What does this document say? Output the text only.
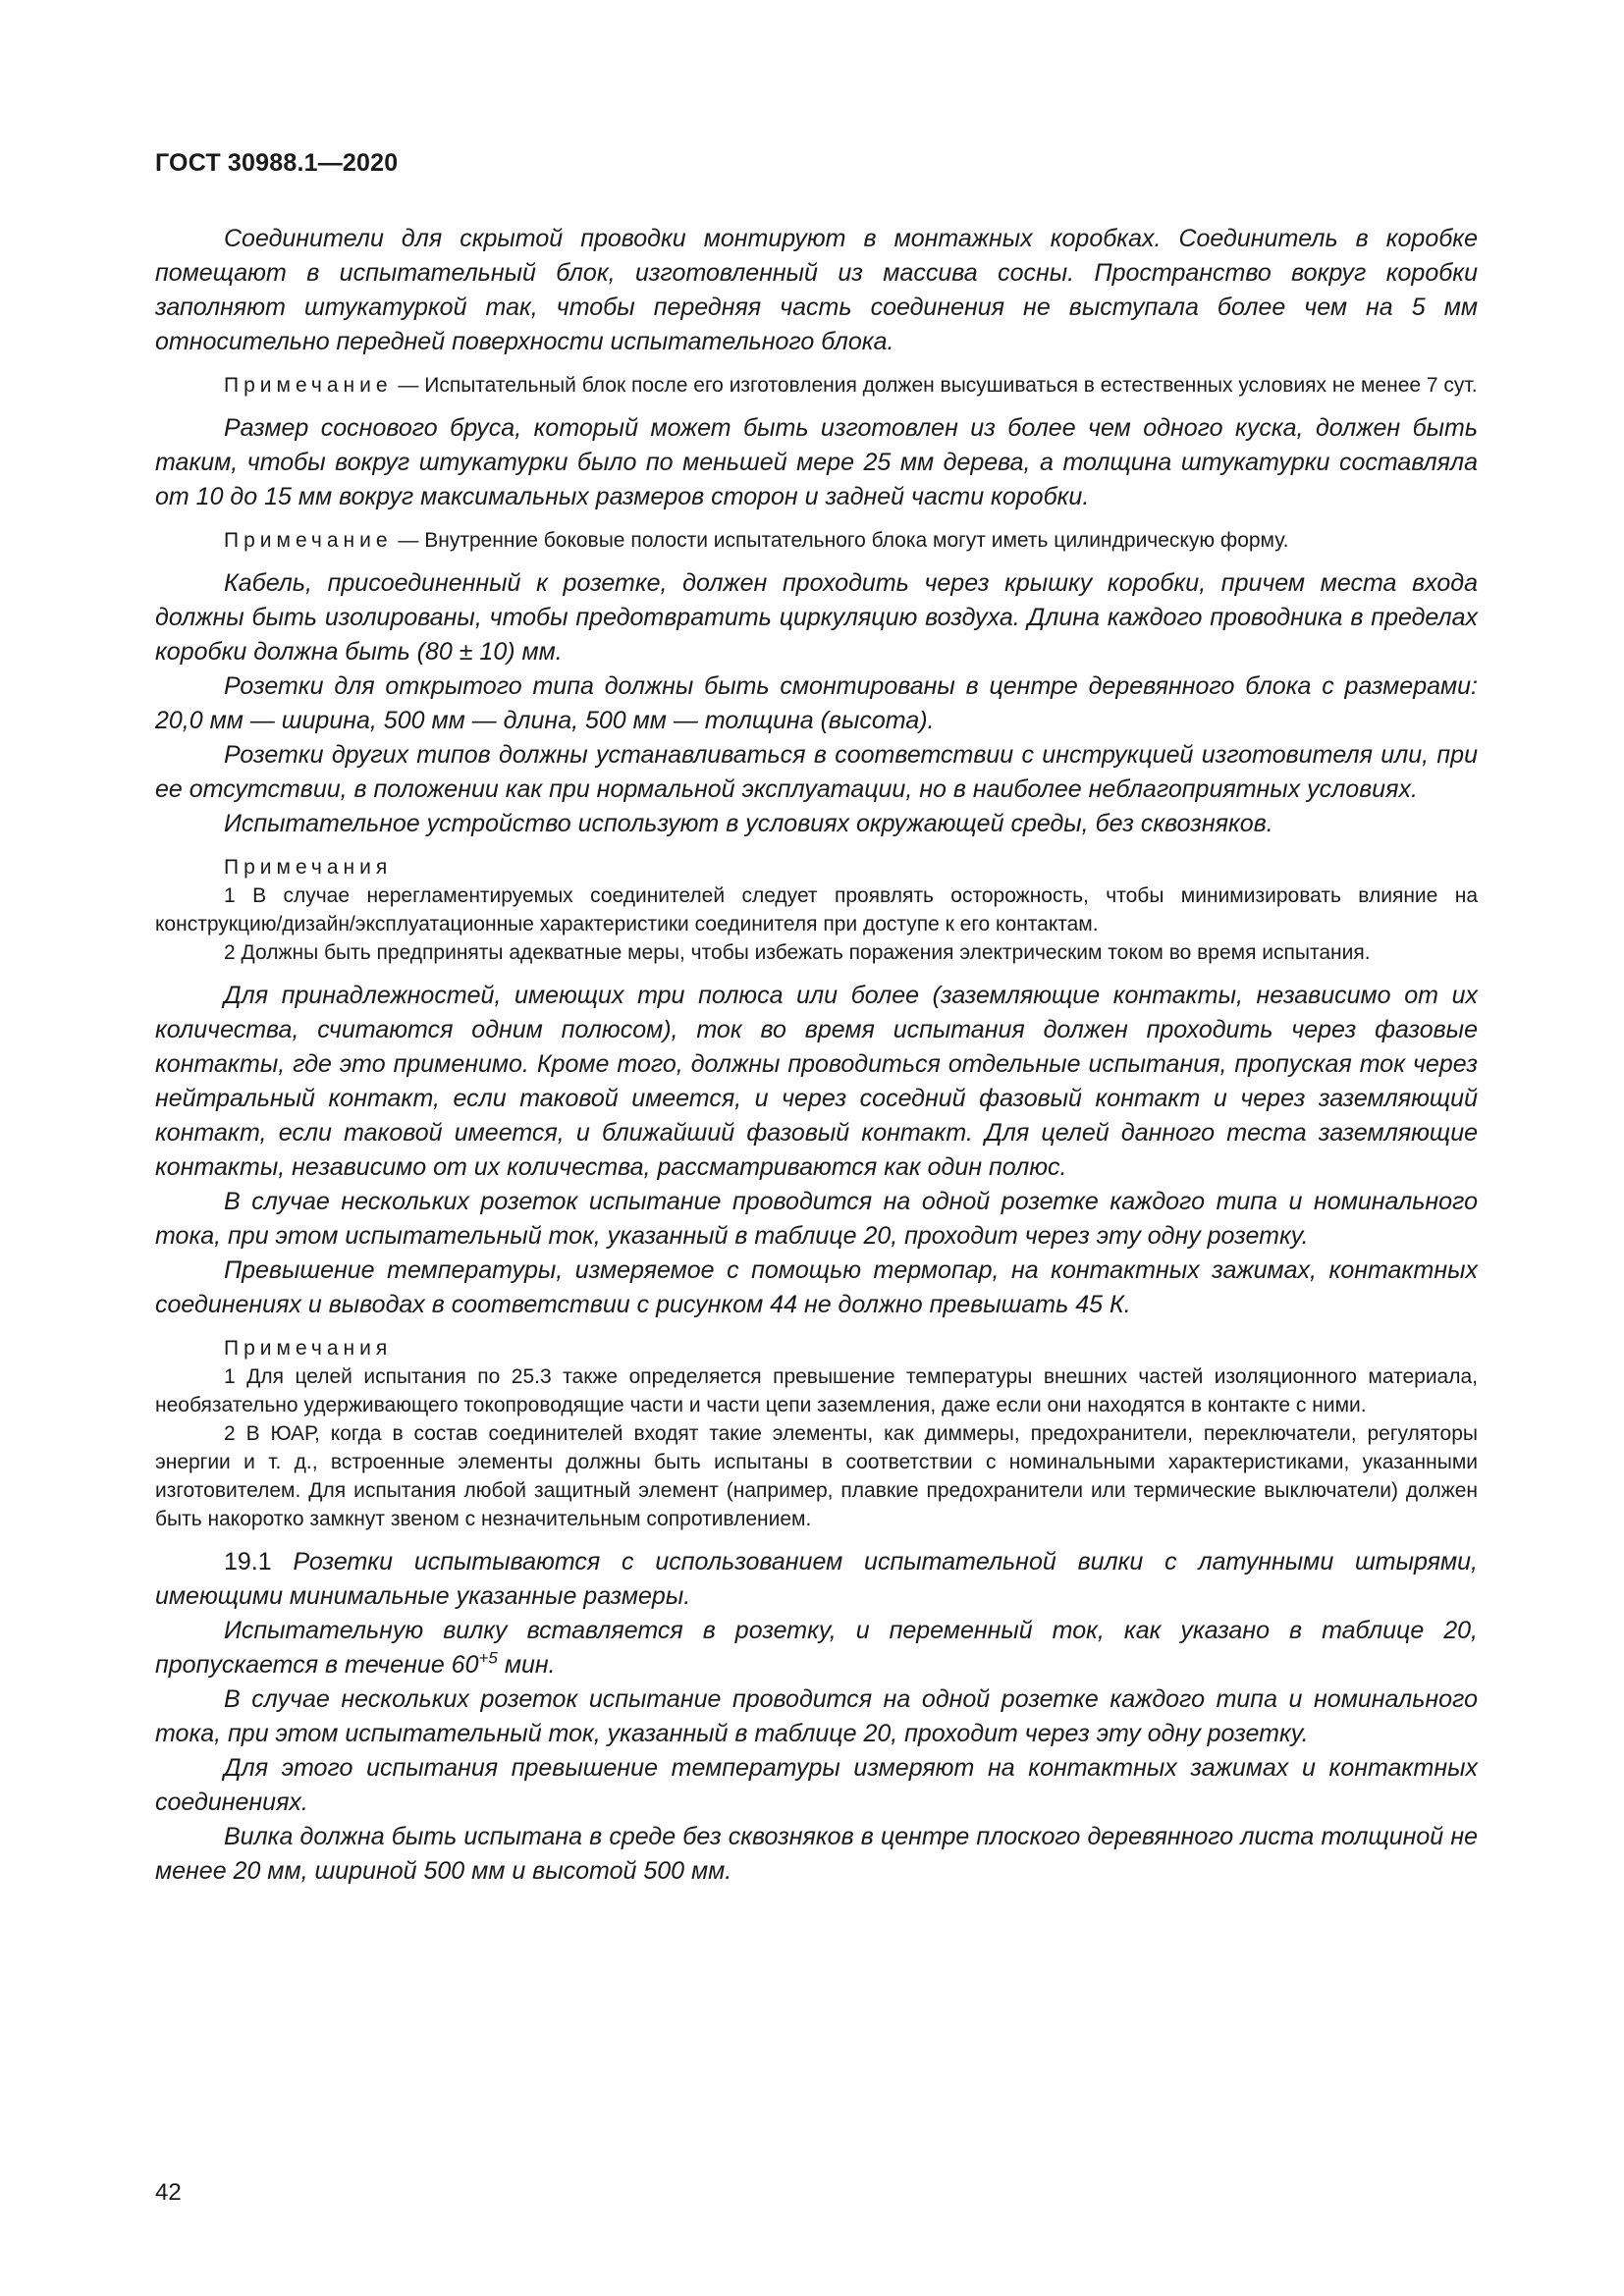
ГОСТ 30988.1—2020

Соединители для скрытой проводки монтируют в монтажных коробках. Соединитель в коробке помещают в испытательный блок, изготовленный из массива сосны. Пространство вокруг коробки заполняют штукатуркой так, чтобы передняя часть соединения не выступала более чем на 5 мм относительно передней поверхности испытательного блока.

Примечание — Испытательный блок после его изготовления должен высушиваться в естественных условиях не менее 7 сут.

Размер соснового бруса, который может быть изготовлен из более чем одного куска, должен быть таким, чтобы вокруг штукатурки было по меньшей мере 25 мм дерева, а толщина штукатурки составляла от 10 до 15 мм вокруг максимальных размеров сторон и задней части коробки.

Примечание — Внутренние боковые полости испытательного блока могут иметь цилиндрическую форму.

Кабель, присоединенный к розетке, должен проходить через крышку коробки, причем места входа должны быть изолированы, чтобы предотвратить циркуляцию воздуха. Длина каждого проводника в пределах коробки должна быть (80 ± 10) мм.

Розетки для открытого типа должны быть смонтированы в центре деревянного блока с размерами: 20,0 мм — ширина, 500 мм — длина, 500 мм — толщина (высота).

Розетки других типов должны устанавливаться в соответствии с инструкцией изготовителя или, при ее отсутствии, в положении как при нормальной эксплуатации, но в наиболее неблагоприятных условиях.

Испытательное устройство используют в условиях окружающей среды, без сквозняков.

Примечания

1 В случае нерегламентируемых соединителей следует проявлять осторожность, чтобы минимизировать влияние на конструкцию/дизайн/эксплуатационные характеристики соединителя при доступе к его контактам.

2 Должны быть предприняты адекватные меры, чтобы избежать поражения электрическим током во время испытания.

Для принадлежностей, имеющих три полюса или более (заземляющие контакты, независимо от их количества, считаются одним полюсом), ток во время испытания должен проходить через фазовые контакты, где это применимо. Кроме того, должны проводиться отдельные испытания, пропуская ток через нейтральный контакт, если таковой имеется, и через соседний фазовый контакт и через заземляющий контакт, если таковой имеется, и ближайший фазовый контакт. Для целей данного теста заземляющие контакты, независимо от их количества, рассматриваются как один полюс.

В случае нескольких розеток испытание проводится на одной розетке каждого типа и номинального тока, при этом испытательный ток, указанный в таблице 20, проходит через эту одну розетку.

Превышение температуры, измеряемое с помощью термопар, на контактных зажимах, контактных соединениях и выводах в соответствии с рисунком 44 не должно превышать 45 К.

Примечания

1 Для целей испытания по 25.3 также определяется превышение температуры внешних частей изоляционного материала, необязательно удерживающего токопроводящие части и части цепи заземления, даже если они находятся в контакте с ними.

2 В ЮАР, когда в состав соединителей входят такие элементы, как диммеры, предохранители, переключатели, регуляторы энергии и т. д., встроенные элементы должны быть испытаны в соответствии с номинальными характеристиками, указанными изготовителем. Для испытания любой защитный элемент (например, плавкие предохранители или термические выключатели) должен быть накоротко замкнут звеном с незначительным сопротивлением.

19.1 Розетки испытываются с использованием испытательной вилки с латунными штырями, имеющими минимальные указанные размеры.

Испытательную вилку вставляется в розетку, и переменный ток, как указано в таблице 20, пропускается в течение $60^{+5}$ мин.

В случае нескольких розеток испытание проводится на одной розетке каждого типа и номинального тока, при этом испытательный ток, указанный в таблице 20, проходит через эту одну розетку.

Для этого испытания превышение температуры измеряют на контактных зажимах и контактных соединениях.

Вилка должна быть испытана в среде без сквозняков в центре плоского деревянного листа толщиной не менее 20 мм, шириной 500 мм и высотой 500 мм.

42
